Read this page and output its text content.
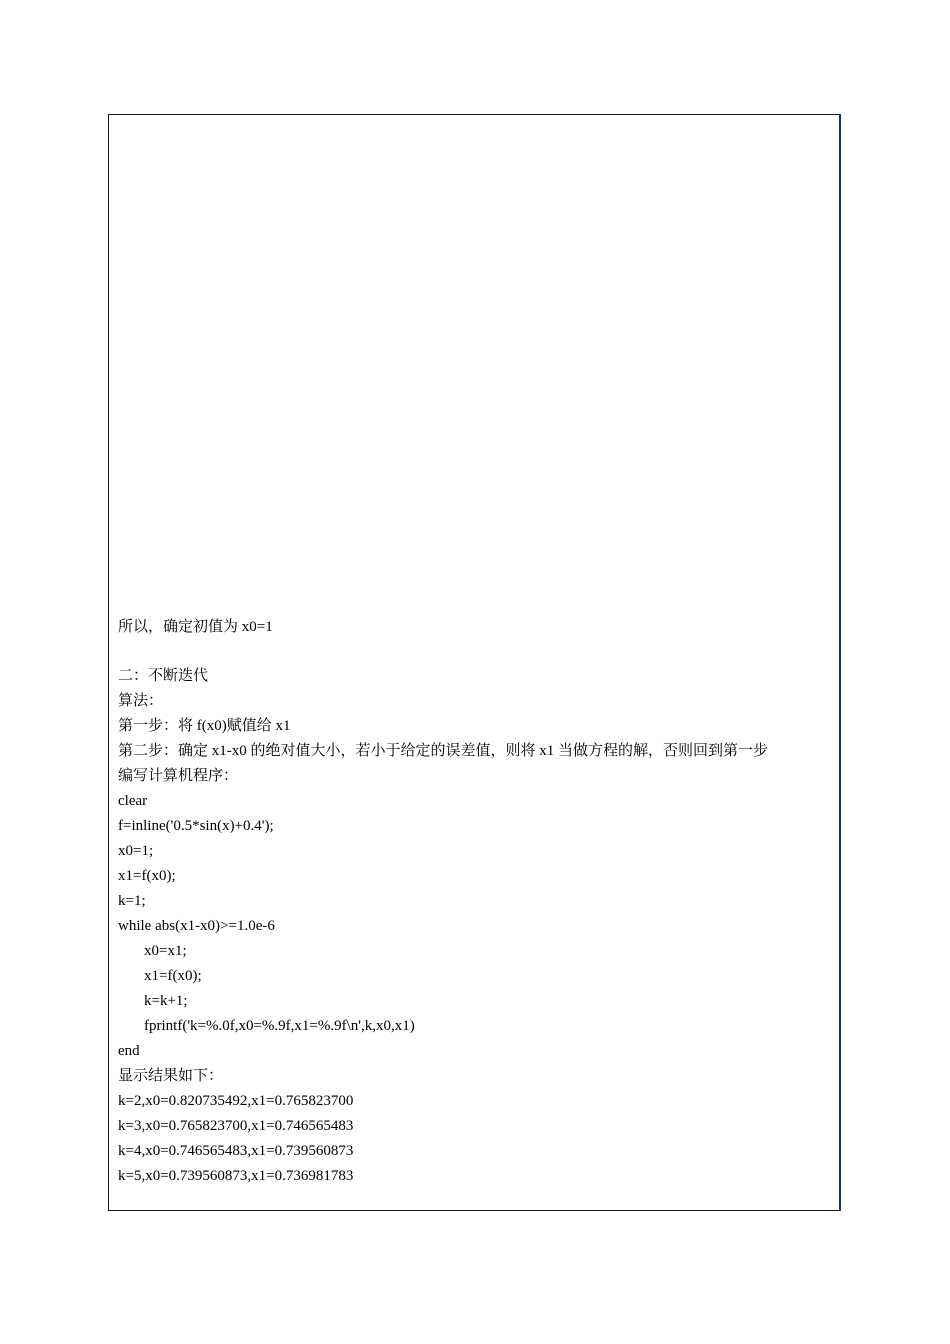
所以，确定初值为 x0=1
二：不断迭代
算法：
第一步：将 f(x0)赋值给 x1
第二步：确定 x1-x0 的绝对值大小，若小于给定的误差值，则将 x1 当做方程的解，否则回到第一步
编写计算机程序：
clear
f=inline('0.5*sin(x)+0.4');
x0=1;
x1=f(x0);
k=1;
while abs(x1-x0)>=1.0e-6
x0=x1;
x1=f(x0);
k=k+1;
fprintf('k=%.0f,x0=%.9f,x1=%.9f\n',k,x0,x1)
end
显示结果如下：
k=2,x0=0.820735492,x1=0.765823700
k=3,x0=0.765823700,x1=0.746565483
k=4,x0=0.746565483,x1=0.739560873
k=5,x0=0.739560873,x1=0.736981783
